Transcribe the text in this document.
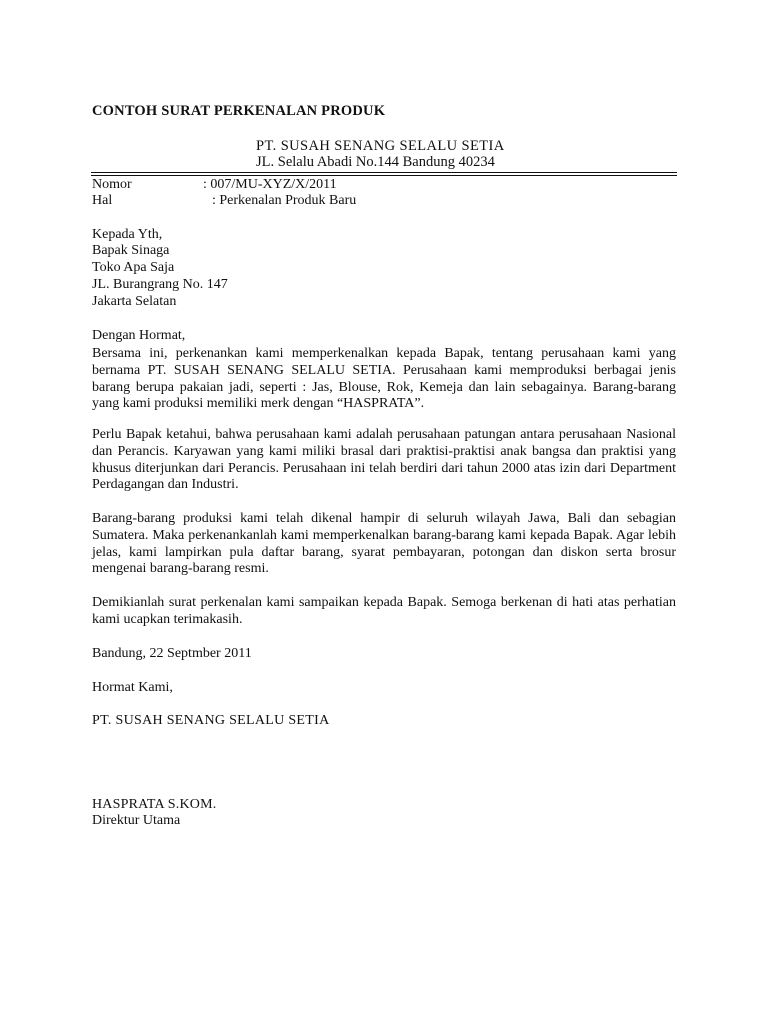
CONTOH SURAT PERKENALAN PRODUK
PT. SUSAH SENANG SELALU SETIA
JL. Selalu Abadi No.144 Bandung 40234
Nomor	: 007/MU-XYZ/X/2011
Hal	: Perkenalan Produk Baru
Kepada Yth,
Bapak Sinaga
Toko Apa Saja
JL. Burangrang No. 147
Jakarta Selatan
Dengan Hormat,
Bersama ini, perkenankan kami memperkenalkan kepada Bapak, tentang perusahaan kami yang bernama PT. SUSAH SENANG SELALU SETIA. Perusahaan kami memproduksi berbagai jenis barang berupa pakaian jadi, seperti : Jas, Blouse, Rok, Kemeja dan lain sebagainya. Barang-barang yang kami produksi memiliki merk dengan “HASPRATA”.
Perlu Bapak ketahui, bahwa perusahaan kami adalah perusahaan patungan antara perusahaan Nasional dan Perancis. Karyawan yang kami miliki brasal dari praktisi-praktisi anak bangsa dan praktisi yang khusus diterjunkan dari Perancis. Perusahaan ini telah berdiri dari tahun 2000 atas izin dari Department Perdagangan dan Industri.
Barang-barang produksi kami telah dikenal hampir di seluruh wilayah Jawa, Bali dan sebagian Sumatera. Maka perkenankanlah kami memperkenalkan barang-barang kami kepada Bapak. Agar lebih jelas, kami lampirkan pula daftar barang, syarat pembayaran, potongan dan diskon serta brosur mengenai barang-barang resmi.
Demikianlah surat perkenalan kami sampaikan kepada Bapak. Semoga berkenan di hati atas perhatian kami ucapkan terimakasih.
Bandung, 22 Septmber 2011
Hormat Kami,
PT. SUSAH SENANG SELALU SETIA
HASPRATA S.KOM.
Direktur Utama
